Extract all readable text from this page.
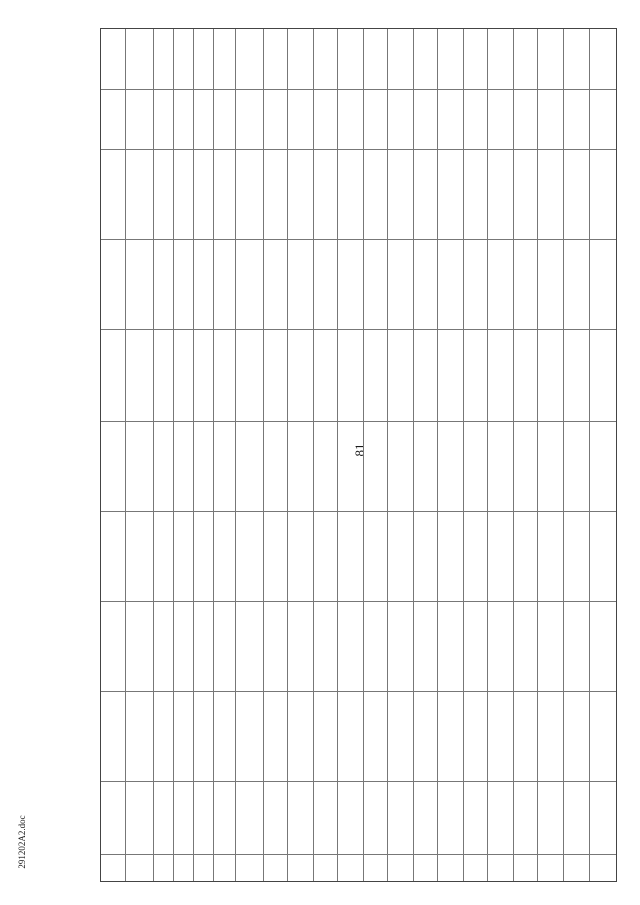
81
291202A2.doc
